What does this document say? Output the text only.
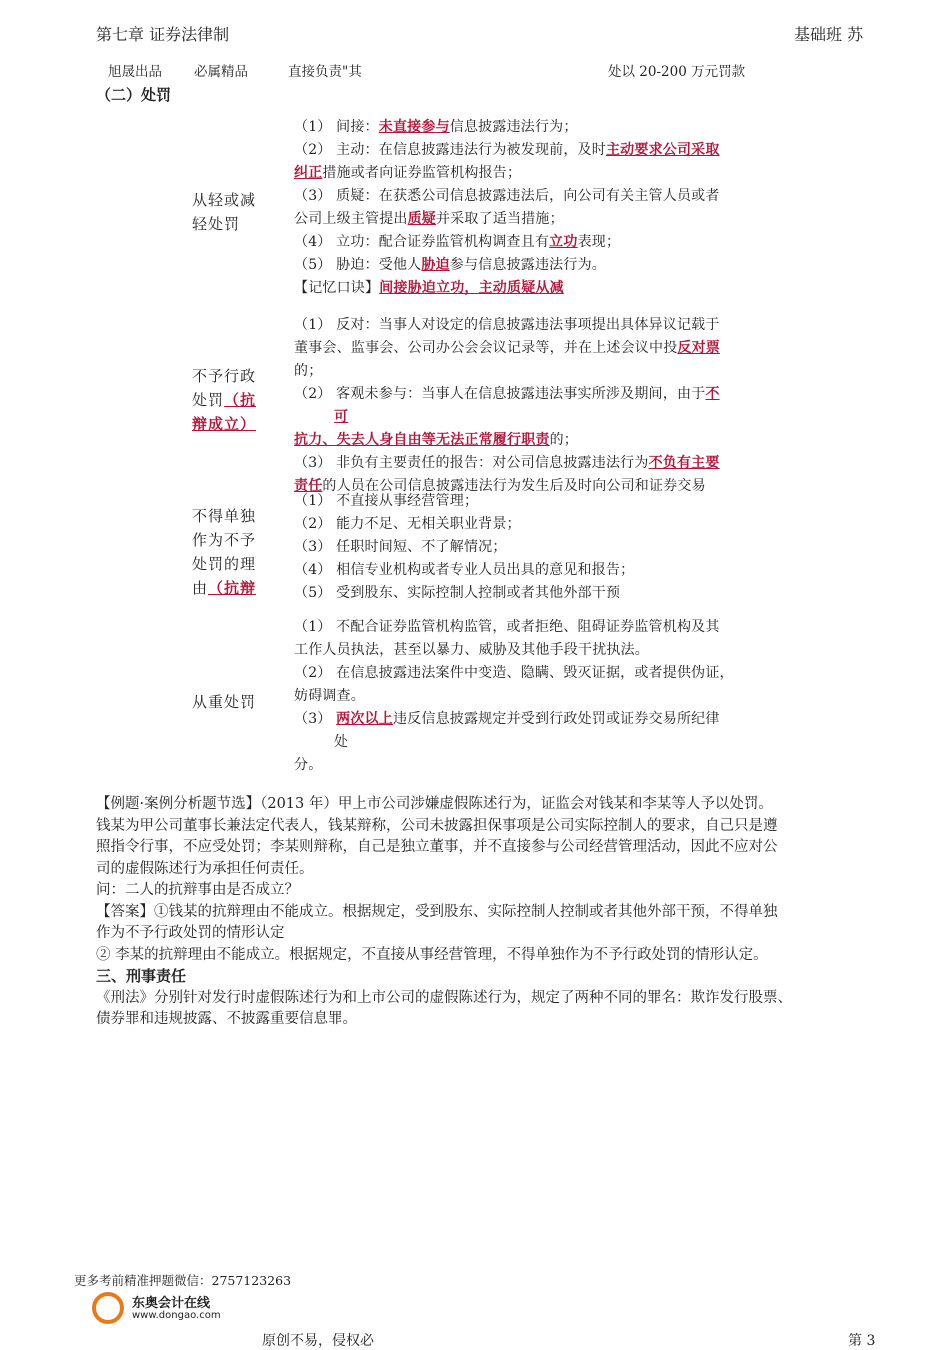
第七章 证券法律制	基础班 苏
旭晟出品 必属精品	直接负责"其	处以 20-200 万元罚款
（二）处罚
从轻或减轻处罚
（1） 间接：未直接参与信息披露违法行为；
（2） 主动：在信息披露违法行为被发现前，及时主动要求公司采取
纠正措施或者向证券监管机构报告；
（3） 质疑：在获悉公司信息披露违法后，向公司有关主管人员或者
公司上级主管提出质疑并采取了适当措施；
（4） 立功：配合证券监管机构调查且有立功表现；
（5） 胁迫：受他人胁迫参与信息披露违法行为。
【记忆口诀】间接胁迫立功，主动质疑从减
不予行政处罚（抗辩成立）
（1） 反对：当事人对设定的信息披露违法事项提出具体异议记载于
董事会、监事会、公司办公会会议记录等，并在上述会议中投反对票
的；
（2） 客观未参与：当事人在信息披露违法事实所涉及期间，由于不
可
抗力、失去人身自由等无法正常履行职责的；
（3） 非负有主要责任的报告：对公司信息披露违法行为不负有主要
责任的人员在公司信息披露违法行为发生后及时向公司和证券交易
不得单独作为不予处罚的理由（抗辩
（1） 不直接从事经营管理；
（2） 能力不足、无相关职业背景；
（3） 任职时间短、不了解情况；
（4） 相信专业机构或者专业人员出具的意见和报告；
（5） 受到股东、实际控制人控制或者其他外部干预
从重处罚
（1） 不配合证券监管机构监管，或者拒绝、阻碍证券监管机构及其
工作人员执法，甚至以暴力、威胁及其他手段干扰执法。
（2） 在信息披露违法案件中变造、隐瞒、毁灭证据，或者提供伪证，
妨碍调查。
（3） 两次以上违反信息披露规定并受到行政处罚或证券交易所纪律
处
分。
【例题·案例分析题节选】（2013 年）甲上市公司涉嫌虚假陈述行为，证监会对钱某和李某等人予以处罚。
钱某为甲公司董事长兼法定代表人，钱某辩称，公司未披露担保事项是公司实际控制人的要求，自己只是遵
照指令行事，不应受处罚；李某则辩称，自己是独立董事，并不直接参与公司经营管理活动，因此不应对公
司的虚假陈述行为承担任何责任。
问：二人的抗辩事由是否成立？
【答案】①钱某的抗辩理由不能成立。根据规定，受到股东、实际控制人控制或者其他外部干预，不得单独
作为不予行政处罚的情形认定
② 李某的抗辩理由不能成立。根据规定，不直接从事经营管理，不得单独作为不予行政处罚的情形认定。
三、刑事责任
《刑法》分别针对发行时虚假陈述行为和上市公司的虚假陈述行为，规定了两种不同的罪名：欺诈发行股票、
债券罪和违规披露、不披露重要信息罪。
更多考前精准押题微信：2757123263
东奥会计在线
www.dongao.com
原创不易，侵权必	第 3
